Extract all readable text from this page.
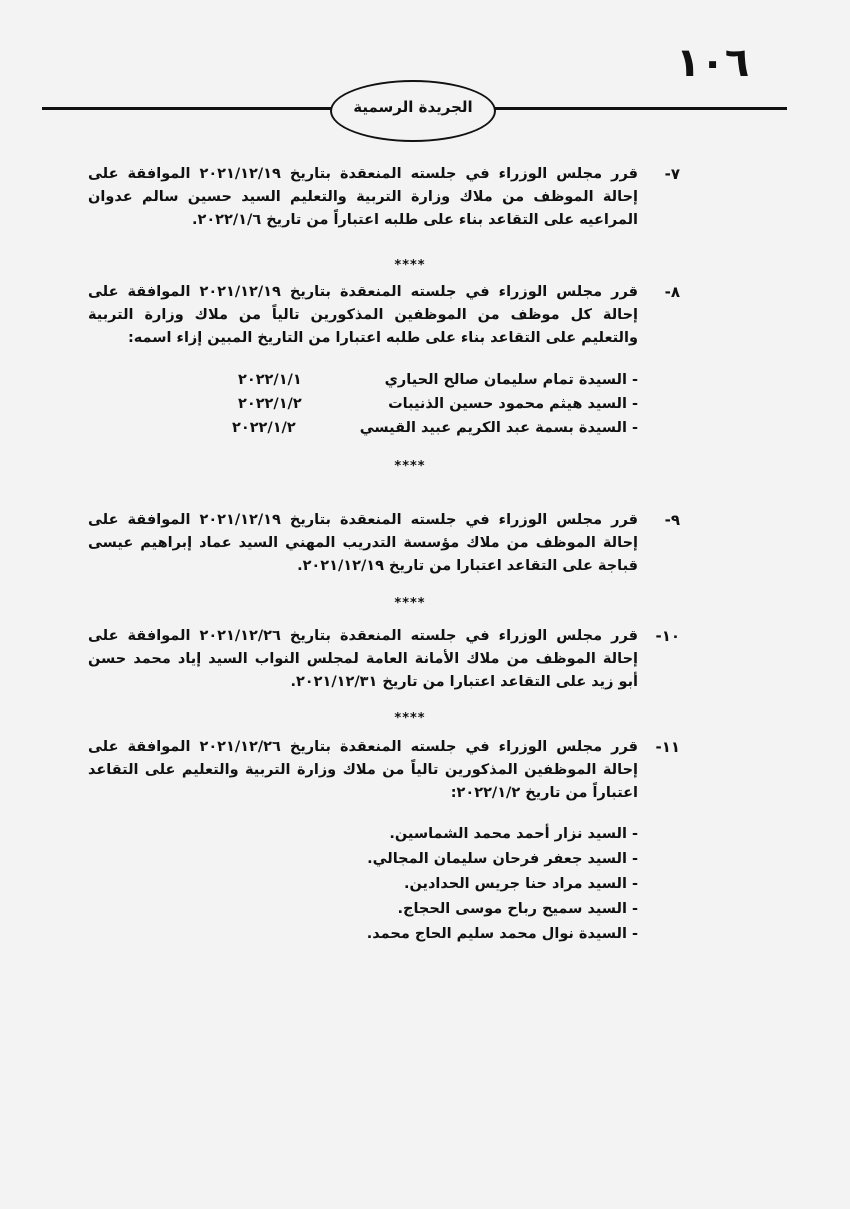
١٠٦
الجريدة الرسمية
-٧
قرر مجلس الوزراء في جلسته المنعقدة بتاريخ ٢٠٢١/١٢/١٩ الموافقة على إحالة الموظف من ملاك وزارة التربية والتعليم السيد حسين سالم عدوان المراعيه على التقاعد بناء على طلبه اعتباراً من تاريخ ٢٠٢٢/١/٦.
****
-٨
قرر مجلس الوزراء في جلسته المنعقدة بتاريخ ٢٠٢١/١٢/١٩ الموافقة على إحالة كل موظف من الموظفين المذكورين تالياً من ملاك وزارة التربية والتعليم على التقاعد بناء على طلبه اعتبارا من التاريخ المبين إزاء اسمه:
- السيدة تمام سليمان صالح الحياري
٢٠٢٢/١/١
- السيد هيثم محمود حسين الذنيبات
٢٠٢٢/١/٢
- السيدة بسمة عبد الكريم عبيد القيسي
٢٠٢٢/١/٢
****
-٩
قرر مجلس الوزراء في جلسته المنعقدة بتاريخ ٢٠٢١/١٢/١٩ الموافقة على إحالة الموظف من ملاك مؤسسة التدريب المهني السيد عماد إبراهيم عيسى قباجة على التقاعد اعتبارا من تاريخ ٢٠٢١/١٢/١٩.
****
-١٠
قرر مجلس الوزراء في جلسته المنعقدة بتاريخ ٢٠٢١/١٢/٢٦ الموافقة على إحالة الموظف من ملاك الأمانة العامة لمجلس النواب السيد إياد محمد حسن أبو زيد على التقاعد اعتبارا من تاريخ ٢٠٢١/١٢/٣١.
****
-١١
قرر مجلس الوزراء في جلسته المنعقدة بتاريخ ٢٠٢١/١٢/٢٦ الموافقة على إحالة الموظفين المذكورين تالياً من ملاك وزارة التربية والتعليم على التقاعد اعتباراً من تاريخ ٢٠٢٢/١/٢:
- السيد نزار أحمد محمد الشماسين.
- السيد جعفر فرحان سليمان المجالي.
- السيد مراد حنا جريس الحدادين.
- السيد سميح رباح موسى الحجاج.
- السيدة نوال محمد سليم الحاج محمد.
